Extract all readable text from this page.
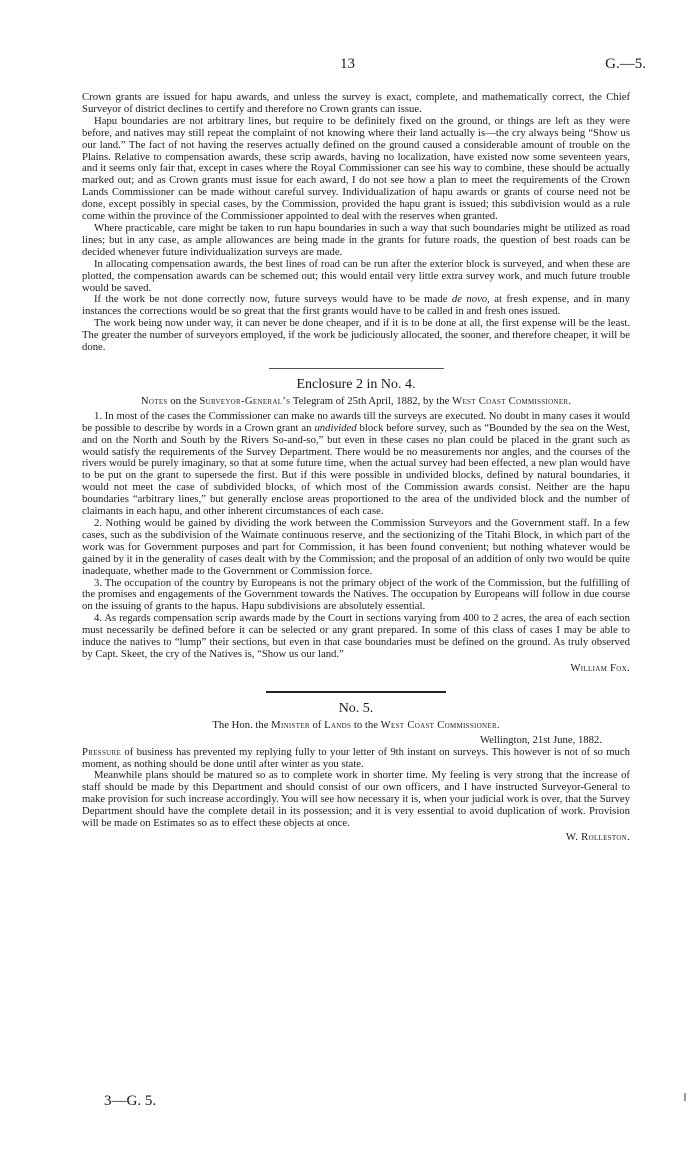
13	G.—5.

Crown grants are issued for hapu awards, and unless the survey is exact, complete, and mathematically correct, the Chief Surveyor of district declines to certify and therefore no Crown grants can issue.

Hapu boundaries are not arbitrary lines, but require to be definitely fixed on the ground, or things are left as they were before, and natives may still repeat the complaint of not knowing where their land actually is—the cry always being “Show us our land.” The fact of not having the reserves actually defined on the ground caused a considerable amount of trouble on the Plains. Relative to compensation awards, these scrip awards, having no localization, have existed now some seventeen years, and it seems only fair that, except in cases where the Royal Commissioner can see his way to combine, these should be actually marked out; and as Crown grants must issue for each award, I do not see how a plan to meet the requirements of the Crown Lands Commissioner can be made without careful survey. Individualization of hapu awards or grants of course need not be done, except possibly in special cases, by the Commission, provided the hapu grant is issued; this subdivision would as a rule come within the province of the Commissioner appointed to deal with the reserves when granted.

Where practicable, care might be taken to run hapu boundaries in such a way that such boundaries might be utilized as road lines; but in any case, as ample allowances are being made in the grants for future roads, the question of best roads can be decided whenever future individualization surveys are made.

In allocating compensation awards, the best lines of road can be run after the exterior block is surveyed, and when these are plotted, the compensation awards can be schemed out; this would entail very little extra survey work, and much future trouble would be saved.

If the work be not done correctly now, future surveys would have to be made de novo, at fresh expense, and in many instances the corrections would be so great that the first grants would have to be called in and fresh ones issued.

The work being now under way, it can never be done cheaper, and if it is to be done at all, the first expense will be the least. The greater the number of surveyors employed, if the work be judiciously allocated, the sooner, and therefore cheaper, it will be done.

Enclosure 2 in No. 4.
Notes on the Surveyor-General’s Telegram of 25th April, 1882, by the West Coast Commissioner.

1. In most of the cases the Commissioner can make no awards till the surveys are executed. No doubt in many cases it would be possible to describe by words in a Crown grant an undivided block before survey, such as “Bounded by the sea on the West, and on the North and South by the Rivers So-and-so,” but even in these cases no plan could be placed in the grant such as would satisfy the requirements of the Survey Department. There would be no measurements nor angles, and the courses of the rivers would be purely imaginary, so that at some future time, when the actual survey had been effected, a new plan would have to be put on the grant to supersede the first. But if this were possible in undivided blocks, defined by natural boundaries, it would not meet the case of subdivided blocks, of which most of the Commission awards consist. Neither are the hapu boundaries “arbitrary lines,” but generally enclose areas proportioned to the area of the undivided block and the number of claimants in each hapu, and other inherent circumstances of each case.

2. Nothing would be gained by dividing the work between the Commission Surveyors and the Government staff. In a few cases, such as the subdivision of the Waimate continuous reserve, and the sectionizing of the Titahi Block, in which part of the work was for Government purposes and part for Commission, it has been found convenient; but nothing whatever would be gained by it in the generality of cases dealt with by the Commission; and the proposal of an addition of only two would be quite inadequate, whether made to the Government or Commission force.

3. The occupation of the country by Europeans is not the primary object of the work of the Commission, but the fulfilling of the promises and engagements of the Government towards the Natives. The occupation by Europeans will follow in due course on the issuing of grants to the hapus. Hapu subdivisions are absolutely essential.

4. As regards compensation scrip awards made by the Court in sections varying from 400 to 2 acres, the area of each section must necessarily be defined before it can be selected or any grant prepared. In some of this class of cases I may be able to induce the natives to “lump” their sections, but even in that case boundaries must be defined on the ground. As truly observed by Capt. Skeet, the cry of the Natives is, “Show us our land.”

William Fox.
No. 5.
The Hon. the Minister of Lands to the West Coast Commissioner.
Wellington, 21st June, 1882.

Pressure of business has prevented my replying fully to your letter of 9th instant on surveys. This however is not of so much moment, as nothing should be done until after winter as you state.

Meanwhile plans should be matured so as to complete work in shorter time. My feeling is very strong that the increase of staff should be made by this Department and should consist of our own officers, and I have instructed Surveyor-General to make provision for such increase accordingly. You will see how necessary it is, when your judicial work is over, that the Survey Department should have the complete detail in its possession; and it is very essential to avoid duplication of work. Provision will be made on Estimates so as to effect these objects at once.

W. Rolleston.
3—G. 5.
